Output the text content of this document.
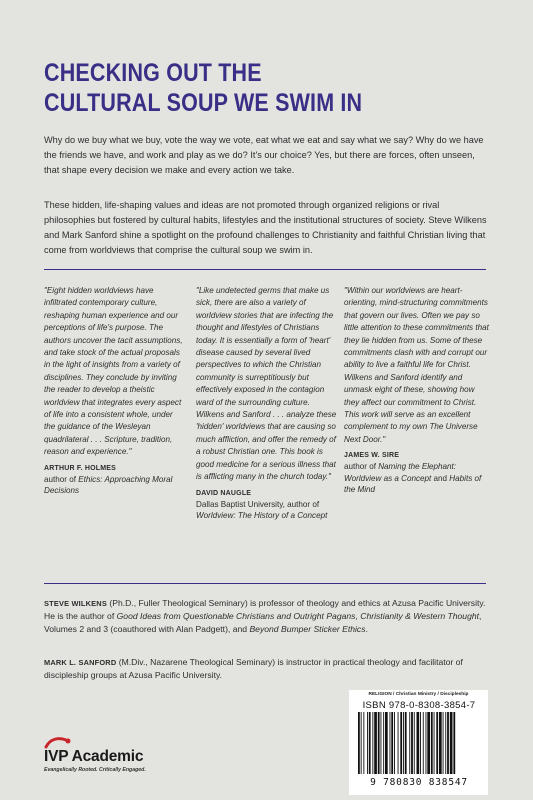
CHECKING OUT THE
CULTURAL SOUP WE SWIM IN

Why do we buy what we buy, vote the way we vote, eat what we eat and say what we say? Why do we have the friends we have, and work and play as we do? It's our choice? Yes, but there are forces, often unseen, that shape every decision we make and every action we take.

These hidden, life-shaping values and ideas are not promoted through organized religions or rival philosophies but fostered by cultural habits, lifestyles and the institutional structures of society. Steve Wilkens and Mark Sanford shine a spotlight on the profound challenges to Christianity and faithful Christian living that come from worldviews that comprise the cultural soup we swim in.

"Eight hidden worldviews have infiltrated contemporary culture, reshaping human experience and our perceptions of life's purpose. The authors uncover the tacit assumptions, and take stock of the actual proposals in the light of insights from a variety of disciplines. They conclude by inviting the reader to develop a theistic worldview that integrates every aspect of life into a consistent whole, under the guidance of the Wesleyan quadrilateral . . . Scripture, tradition, reason and experience."

ARTHUR F. HOLMES
author of Ethics: Approaching Moral Decisions

"Like undetected germs that make us sick, there are also a variety of worldview stories that are infecting the thought and lifestyles of Christians today. It is essentially a form of 'heart' disease caused by several lived perspectives to which the Christian community is surreptitiously but effectively exposed in the contagion ward of the surrounding culture. Wilkens and Sanford . . . analyze these 'hidden' worldviews that are causing so much affliction, and offer the remedy of a robust Christian one. This book is good medicine for a serious illness that is afflicting many in the church today."

DAVID NAUGLE
Dallas Baptist University, author of Worldview: The History of a Concept

"Within our worldviews are heart-orienting, mind-structuring commitments that govern our lives. Often we pay so little attention to these commitments that they lie hidden from us. Some of these commitments clash with and corrupt our ability to live a faithful life for Christ. Wilkens and Sanford identify and unmask eight of these, showing how they affect our commitment to Christ. This work will serve as an excellent complement to my own The Universe Next Door."

JAMES W. SIRE
author of Naming the Elephant: Worldview as a Concept and Habits of the Mind

STEVE WILKENS (Ph.D., Fuller Theological Seminary) is professor of theology and ethics at Azusa Pacific University. He is the author of Good Ideas from Questionable Christians and Outright Pagans, Christianity & Western Thought, Volumes 2 and 3 (coauthored with Alan Padgett), and Beyond Bumper Sticker Ethics.

MARK L. SANFORD (M.Div., Nazarene Theological Seminary) is instructor in practical theology and facilitator of discipleship groups at Azusa Pacific University.

RELIGION / Christian Ministry / Discipleship
ISBN 978-0-8308-3854-7
9 780830 838547
IVP Academic
Evangelically Rooted. Critically Engaged.
